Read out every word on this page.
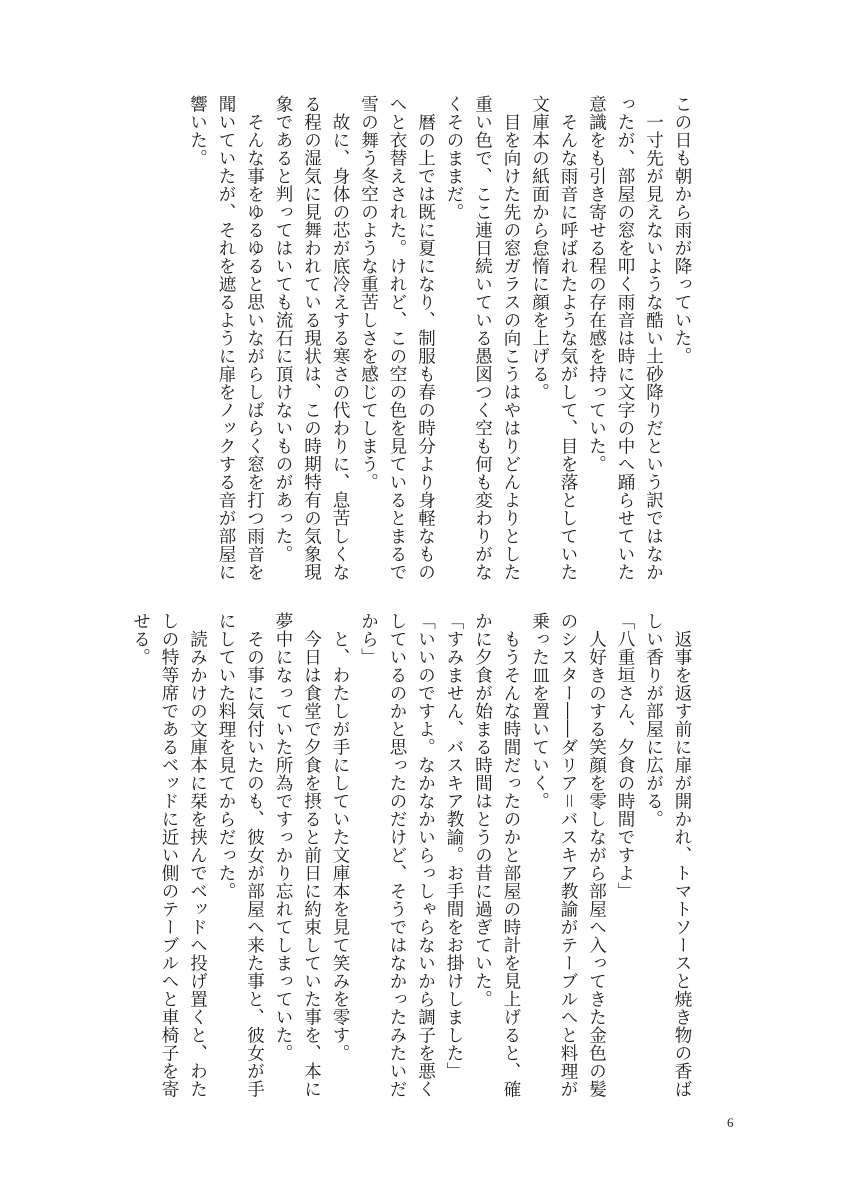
この日も朝から雨が降っていた。
　一寸先が見えないような酷い土砂降りだという訳ではなか
ったが、部屋の窓を叩く雨音は時に文字の中へ踊らせていた
意識をも引き寄せる程の存在感を持っていた。
　そんな雨音に呼ばれたような気がして、目を落としていた
文庫本の紙面から怠惰に顔を上げる。
　目を向けた先の窓ガラスの向こうはやはりどんよりとした
重い色で、ここ連日続いている愚図つく空も何も変わりがな
くそのままだ。
　暦の上では既に夏になり、制服も春の時分より身軽なもの
へと衣替えされた。けれど、この空の色を見ているとまるで
雪の舞う冬空のような重苦しさを感じてしまう。
　故に、身体の芯が底冷えする寒さの代わりに、息苦しくな
る程の湿気に見舞われている現状は、この時期特有の気象現
象であると判ってはいても流石に頂けないものがあった。
　そんな事をゆるゆると思いながらしばらく窓を打つ雨音を
聞いていたが、それを遮るように扉をノックする音が部屋に
響いた。
　返事を返す前に扉が開かれ、トマトソースと焼き物の香ば
しい香りが部屋に広がる。
「八重垣さん、夕食の時間ですよ」
　人好きのする笑顔を零しながら部屋へ入ってきた金色の髪
のシスター――ダリア＝バスキア教諭がテーブルへと料理が
乗った皿を置いていく。
　もうそんな時間だったのかと部屋の時計を見上げると、確
かに夕食が始まる時間はとうの昔に過ぎていた。
「すみません、バスキア教諭。お手間をお掛けしました」
「いいのですよ。なかなかいらっしゃらないから調子を悪く
しているのかと思ったのだけど、そうではなかったみたいだ
から」
　と、わたしが手にしていた文庫本を見て笑みを零す。
　今日は食堂で夕食を摂ると前日に約束していた事を、本に
夢中になっていた所為ですっかり忘れてしまっていた。
　その事に気付いたのも、彼女が部屋へ来た事と、彼女が手
にしていた料理を見てからだった。
　読みかけの文庫本に栞を挟んでベッドへ投げ置くと、わた
しの特等席であるベッドに近い側のテーブルへと車椅子を寄
せる。
6
